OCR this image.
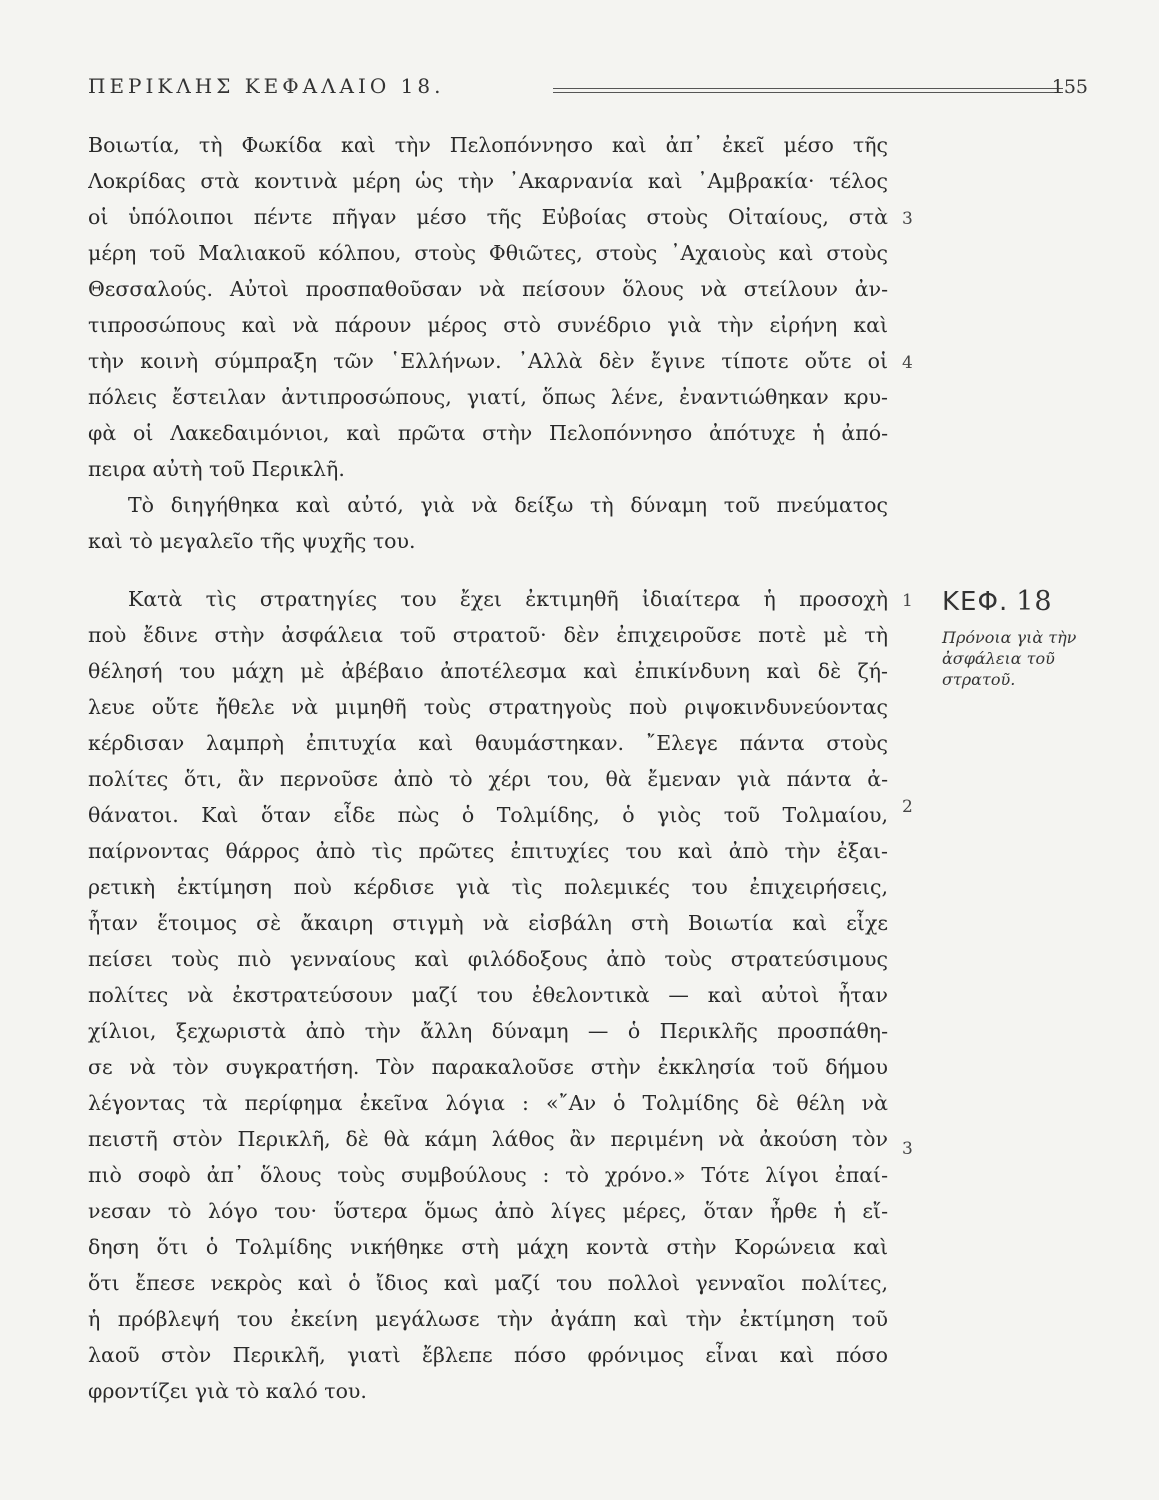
ΠΕΡΙΚΛΗΣ ΚΕΦΑΛΑΙΟ 18.	155
Βοιωτία, τὴ Φωκίδα καὶ τὴν Πελοπόννησο καὶ ἀπ᾽ ἐκεῖ μέσο τῆς
Λοκρίδας στὰ κοντινὰ μέρη ὡς τὴν ᾿Ακαρνανία καὶ ᾿Αμβρακία· τέλος
οἱ ὑπόλοιποι πέντε πῆγαν μέσο τῆς Εὐβοίας στοὺς Οἰταίους, στὰ
μέρη τοῦ Μαλιακοῦ κόλπου, στοὺς Φθιῶτες, στοὺς ᾿Αχαιοὺς καὶ στοὺς
Θεσσαλούς. Αὐτοὶ προσπαθοῦσαν νὰ πείσουν ὅλους νὰ στείλουν ἀν-
τιπροσώπους καὶ νὰ πάρουν μέρος στὸ συνέδριο γιὰ τὴν εἰρήνη καὶ
τὴν κοινὴ σύμπραξη τῶν ῾Ελλήνων. ᾿Αλλὰ δὲν ἔγινε τίποτε οὔτε οἱ
πόλεις ἔστειλαν ἀντιπροσώπους, γιατί, ὅπως λένε, ἐναντιώθηκαν κρυ-
φὰ οἱ Λακεδαιμόνιοι, καὶ πρῶτα στὴν Πελοπόννησο ἀπότυχε ἡ ἀπό-
πειρα αὐτὴ τοῦ Περικλῆ.
Τὸ διηγήθηκα καὶ αὐτό, γιὰ νὰ δείξω τὴ δύναμη τοῦ πνεύματος
καὶ τὸ μεγαλεῖο τῆς ψυχῆς του.
Κατὰ τὶς στρατηγίες του ἔχει ἐκτιμηθῆ ἰδιαίτερα ἡ προσοχὴ
ποὺ ἔδινε στὴν ἀσφάλεια τοῦ στρατοῦ· δὲν ἐπιχειροῦσε ποτὲ μὲ τὴ
θέλησή του μάχη μὲ ἀβέβαιο ἀποτέλεσμα καὶ ἐπικίνδυνη καὶ δὲ ζή-
λευε οὔτε ἤθελε νὰ μιμηθῆ τοὺς στρατηγοὺς ποὺ ριψοκινδυνεύοντας
κέρδισαν λαμπρὴ ἐπιτυχία καὶ θαυμάστηκαν. ῎Ελεγε πάντα στοὺς
πολίτες ὅτι, ἂν περνοῦσε ἀπὸ τὸ χέρι του, θὰ ἔμεναν γιὰ πάντα ἀ-
θάνατοι. Καὶ ὅταν εἶδε πὼς ὁ Τολμίδης, ὁ γιὸς τοῦ Τολμαίου,
παίρνοντας θάρρος ἀπὸ τὶς πρῶτες ἐπιτυχίες του καὶ ἀπὸ τὴν ἐξαι-
ρετικὴ ἐκτίμηση ποὺ κέρδισε γιὰ τὶς πολεμικές του ἐπιχειρήσεις,
ἦταν ἕτοιμος σὲ ἄκαιρη στιγμὴ νὰ εἰσβάλη στὴ Βοιωτία καὶ εἶχε
πείσει τοὺς πιὸ γενναίους καὶ φιλόδοξους ἀπὸ τοὺς στρατεύσιμους
πολίτες νὰ ἐκστρατεύσουν μαζί του ἐθελοντικὰ — καὶ αὐτοὶ ἦταν
χίλιοι, ξεχωριστὰ ἀπὸ τὴν ἄλλη δύναμη — ὁ Περικλῆς προσπάθη-
σε νὰ τὸν συγκρατήση. Τὸν παρακαλοῦσε στὴν ἐκκλησία τοῦ δήμου
λέγοντας τὰ περίφημα ἐκεῖνα λόγια : «῎Αν ὁ Τολμίδης δὲ θέλη νὰ
πειστῆ στὸν Περικλῆ, δὲ θὰ κάμη λάθος ἂν περιμένη νὰ ἀκούση τὸν
πιὸ σοφὸ ἀπ᾽ ὅλους τοὺς συμβούλους : τὸ χρόνο.» Τότε λίγοι ἐπαί-
νεσαν τὸ λόγο του· ὕστερα ὅμως ἀπὸ λίγες μέρες, ὅταν ἦρθε ἡ εἴ-
δηση ὅτι ὁ Τολμίδης νικήθηκε στὴ μάχη κοντὰ στὴν Κορώνεια καὶ
ὅτι ἔπεσε νεκρὸς καὶ ὁ ἴδιος καὶ μαζί του πολλοὶ γενναῖοι πολίτες,
ἡ πρόβλεψή του ἐκείνη μεγάλωσε τὴν ἀγάπη καὶ τὴν ἐκτίμηση τοῦ
λαοῦ στὸν Περικλῆ, γιατὶ ἔβλεπε πόσο φρόνιμος εἶναι καὶ πόσο
φροντίζει γιὰ τὸ καλό του.
3
4
1
2
3
ΚΕΦ. 18
Πρόνοια γιὰ τὴν ἀσφάλεια τοῦ στρατοῦ.
